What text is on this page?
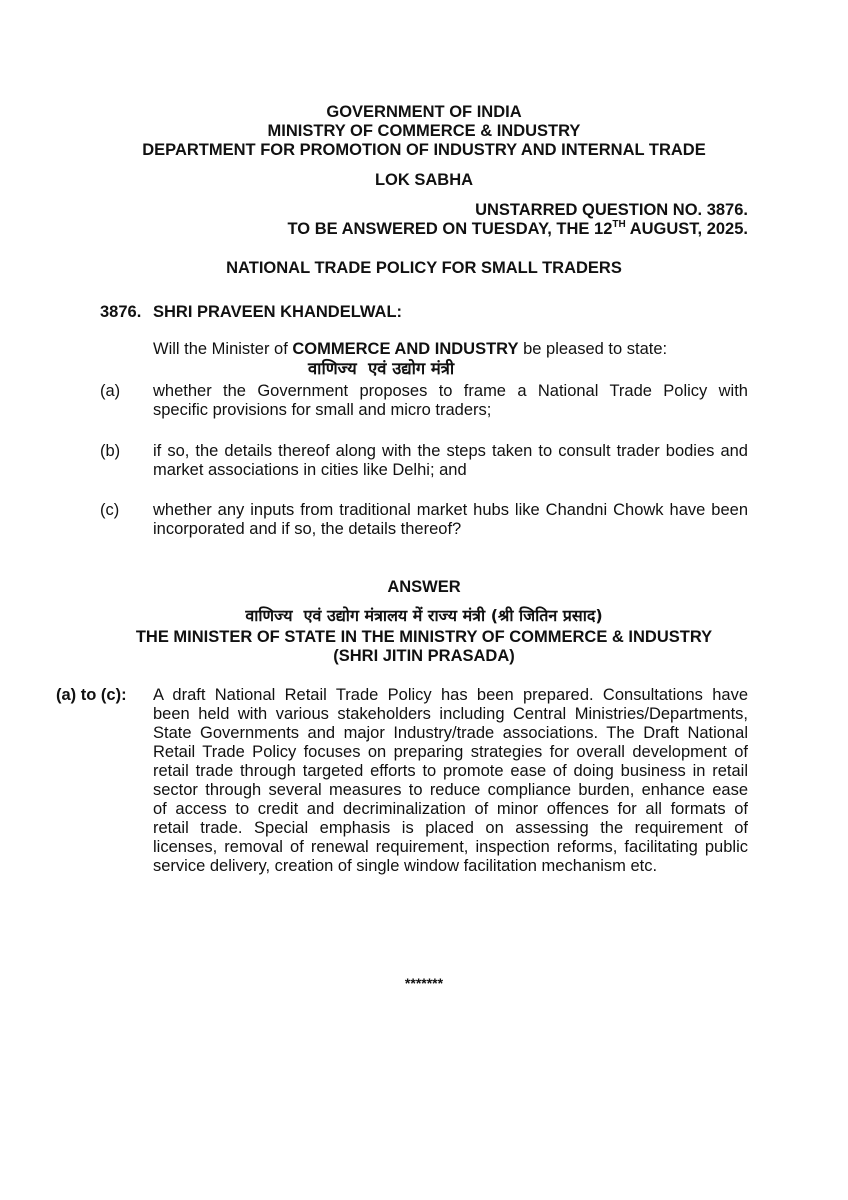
GOVERNMENT OF INDIA
MINISTRY OF COMMERCE & INDUSTRY
DEPARTMENT FOR PROMOTION OF INDUSTRY AND INTERNAL TRADE
LOK SABHA
UNSTARRED QUESTION NO. 3876.
TO BE ANSWERED ON TUESDAY, THE 12TH AUGUST, 2025.
NATIONAL TRADE POLICY FOR SMALL TRADERS
3876. SHRI PRAVEEN KHANDELWAL:
Will the Minister of COMMERCE AND INDUSTRY be pleased to state:
वाणिज्य  एवं उद्योग मंत्री
(a) whether the Government proposes to frame a National Trade Policy with
specific provisions for small and micro traders;
(b) if so, the details thereof along with the steps taken to consult trader bodies and
market associations in cities like Delhi; and
(c) whether any inputs from traditional market hubs like Chandni Chowk have been
incorporated and if so, the details thereof?
ANSWER
वाणिज्य  एवं उद्योग मंत्रालय में राज्य मंत्री (श्री जितिन प्रसाद)
THE MINISTER OF STATE IN THE MINISTRY OF COMMERCE & INDUSTRY
(SHRI JITIN PRASADA)
(a) to (c): A draft National Retail Trade Policy has been prepared. Consultations have
been held with various stakeholders including Central Ministries/Departments,
State Governments and major Industry/trade associations. The Draft National
Retail Trade Policy focuses on preparing strategies for overall development of
retail trade through targeted efforts to promote ease of doing business in retail
sector through several measures to reduce compliance burden, enhance ease
of access to credit and decriminalization of minor offences for all formats of
retail trade. Special emphasis is placed on assessing the requirement of
licenses, removal of renewal requirement, inspection reforms, facilitating public
service delivery, creation of single window facilitation mechanism etc.
*******
